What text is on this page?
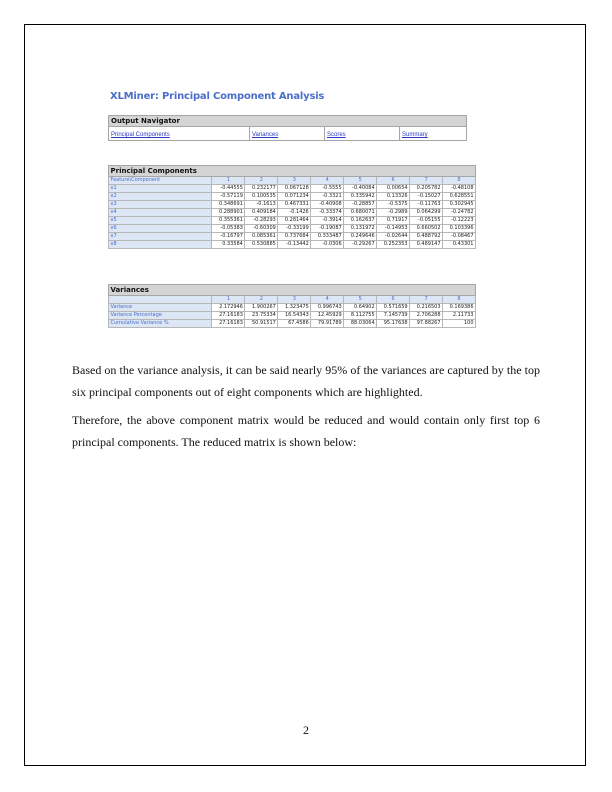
XLMiner: Principal Component Analysis
Output Navigator
Principal Components	Variances	Scores	Summary
Principal Components								
Feature\Component	1	2	3	4	5	6	7	8
x1	-0.44555	0.232177	0.067128	-0.5555	-0.40084	0.00654	0.205782	-0.48108
x2	-0.57119	0.100535	0.071234	-0.3321	0.335942	0.13326	-0.15027	0.628551
x3	0.348691	-0.1613	0.467331	-0.40908	-0.28857	-0.5375	-0.11763	0.302945
x4	0.288901	0.409184	-0.1426	-0.33374	0.680071	-0.2989	0.064299	-0.24782
x5	0.355361	-0.28293	0.281464	-0.3914	0.162637	0.71917	-0.05155	-0.12223
x6	-0.05383	-0.60309	-0.33199	-0.19087	0.131972	-0.14953	0.660502	0.103396
x7	-0.16797	0.085361	0.737684	0.333487	0.249646	-0.02644	0.488792	-0.08467
x8	0.33584	0.530885	-0.13442	-0.0306	-0.29267	0.252353	0.489147	0.43301
Variances								
	1	2	3	4	5	6	7	8
Variance	2.172946	1.900267	1.323475	0.996743	0.64902	0.571659	0.216503	0.169386
Variance Percentage	27.16183	23.75334	16.54343	12.45929	8.112755	7.145739	2.706288	2.11733
Cumulative Variance %	27.16183	50.91517	67.4586	79.91789	88.03064	95.17638	97.88267	100
Based on the variance analysis, it can be said nearly 95% of the variances are captured by the top six principal components out of eight components which are highlighted.
Therefore, the above component matrix would be reduced and would contain only first top 6 principal components. The reduced matrix is shown below:
2
